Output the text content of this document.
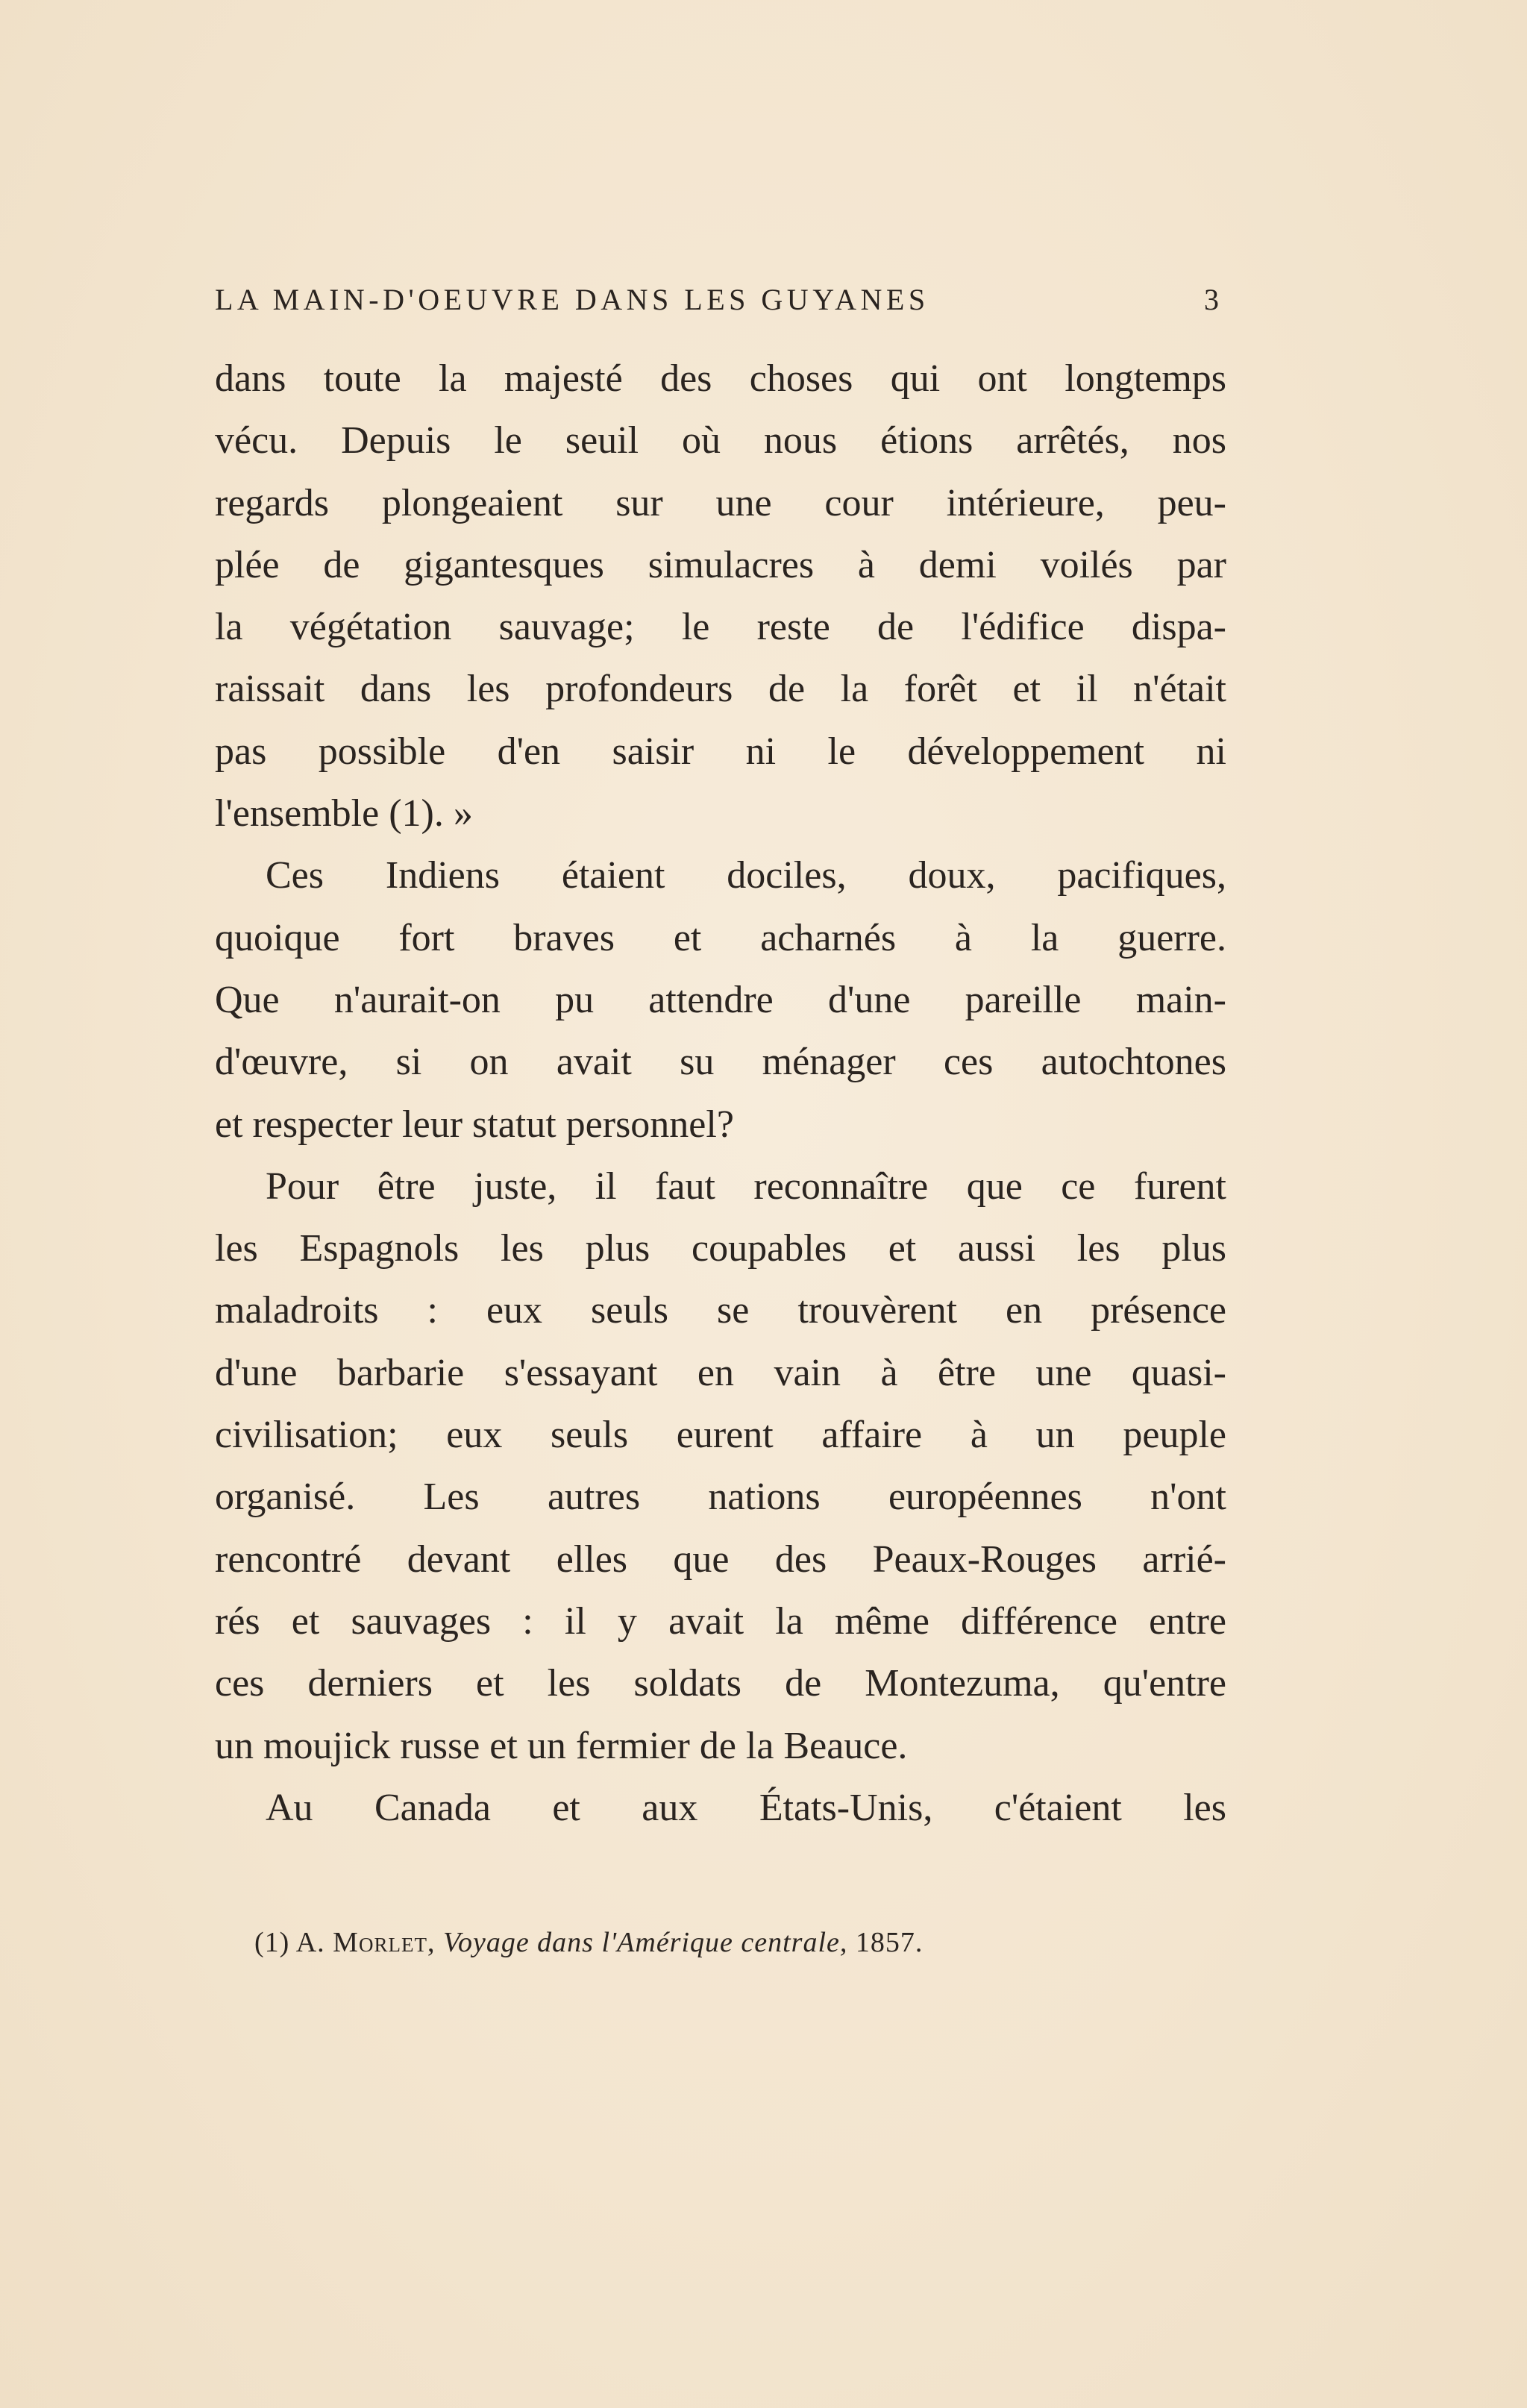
LA MAIN-D'OEUVRE DANS LES GUYANES	3
dans toute la majesté des choses qui ont longtemps
vécu. Depuis le seuil où nous étions arrêtés, nos
regards plongeaient sur une cour intérieure, peu-
plée de gigantesques simulacres à demi voilés par
la végétation sauvage; le reste de l'édifice dispa-
raissait dans les profondeurs de la forêt et il n'était
pas possible d'en saisir ni le développement ni
l'ensemble (1). »
Ces Indiens étaient dociles, doux, pacifiques,
quoique fort braves et acharnés à la guerre.
Que n'aurait-on pu attendre d'une pareille main-
d'œuvre, si on avait su ménager ces autochtones
et respecter leur statut personnel?
Pour être juste, il faut reconnaître que ce furent
les Espagnols les plus coupables et aussi les plus
maladroits : eux seuls se trouvèrent en présence
d'une barbarie s'essayant en vain à être une quasi-
civilisation; eux seuls eurent affaire à un peuple
organisé. Les autres nations européennes n'ont
rencontré devant elles que des Peaux-Rouges arrié-
rés et sauvages : il y avait la même différence entre
ces derniers et les soldats de Montezuma, qu'entre
un moujick russe et un fermier de la Beauce.
Au Canada et aux États-Unis, c'étaient les
(1) A. Morlet, Voyage dans l'Amérique centrale, 1857.
